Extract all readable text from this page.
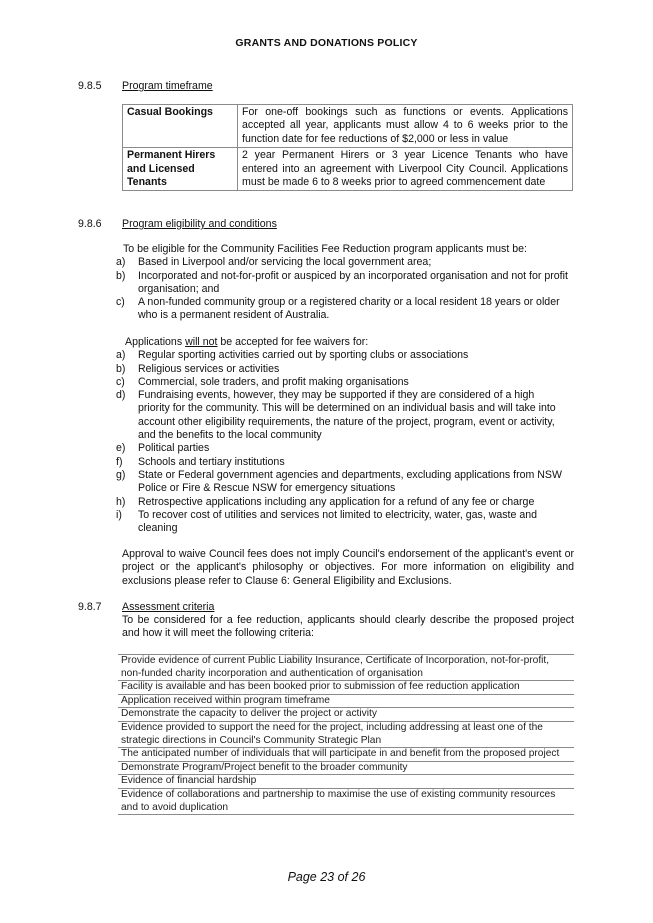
GRANTS AND DONATIONS POLICY
9.8.5 Program timeframe
Casual Bookings	For one-off bookings such as functions or events. Applications accepted all year, applicants must allow 4 to 6 weeks prior to the function date for fee reductions of $2,000 or less in value
Permanent Hirers and Licensed Tenants	2 year Permanent Hirers or 3 year Licence Tenants who have entered into an agreement with Liverpool City Council. Applications must be made 6 to 8 weeks prior to agreed commencement date
9.8.6 Program eligibility and conditions
To be eligible for the Community Facilities Fee Reduction program applicants must be:
a) Based in Liverpool and/or servicing the local government area;
b) Incorporated and not-for-profit or auspiced by an incorporated organisation and not for profit organisation; and
c) A non-funded community group or a registered charity or a local resident 18 years or older who is a permanent resident of Australia.
Applications will not be accepted for fee waivers for:
a) Regular sporting activities carried out by sporting clubs or associations
b) Religious services or activities
c) Commercial, sole traders, and profit making organisations
d) Fundraising events, however, they may be supported if they are considered of a high priority for the community. This will be determined on an individual basis and will take into account other eligibility requirements, the nature of the project, program, event or activity, and the benefits to the local community
e) Political parties
f) Schools and tertiary institutions
g) State or Federal government agencies and departments, excluding applications from NSW Police or Fire & Rescue NSW for emergency situations
h) Retrospective applications including any application for a refund of any fee or charge
i) To recover cost of utilities and services not limited to electricity, water, gas, waste and cleaning
Approval to waive Council fees does not imply Council's endorsement of the applicant's event or project or the applicant's philosophy or objectives. For more information on eligibility and exclusions please refer to Clause 6: General Eligibility and Exclusions.
9.8.7 Assessment criteria
To be considered for a fee reduction, applicants should clearly describe the proposed project and how it will meet the following criteria:
Provide evidence of current Public Liability Insurance, Certificate of Incorporation, not-for-profit, non-funded charity incorporation and authentication of organisation
Facility is available and has been booked prior to submission of fee reduction application
Application received within program timeframe
Demonstrate the capacity to deliver the project or activity
Evidence provided to support the need for the project, including addressing at least one of the strategic directions in Council's Community Strategic Plan
The anticipated number of individuals that will participate in and benefit from the proposed project
Demonstrate Program/Project benefit to the broader community
Evidence of financial hardship
Evidence of collaborations and partnership to maximise the use of existing community resources and to avoid duplication
Page 23 of 26
